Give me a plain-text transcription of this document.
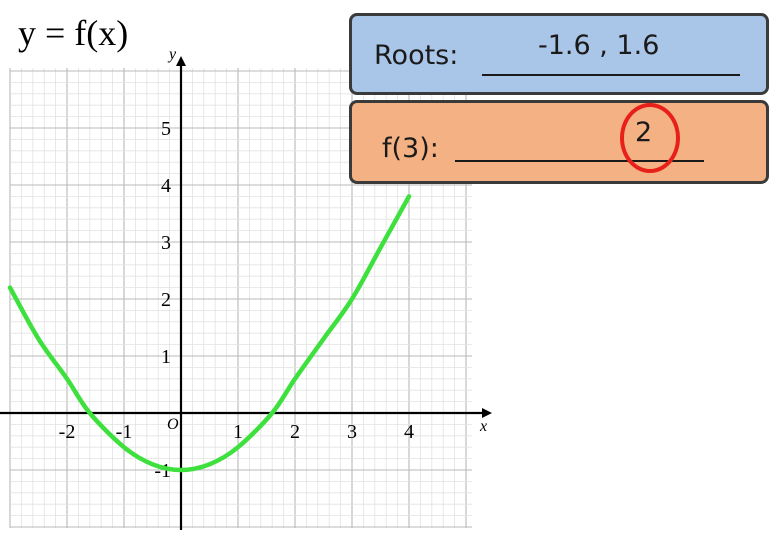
x
y
O
-2 -1	1 2 3 4
-1
1
2
3
4
5
y = f(x)
Roots:	-1.6 , 1.6
f(3):
2
